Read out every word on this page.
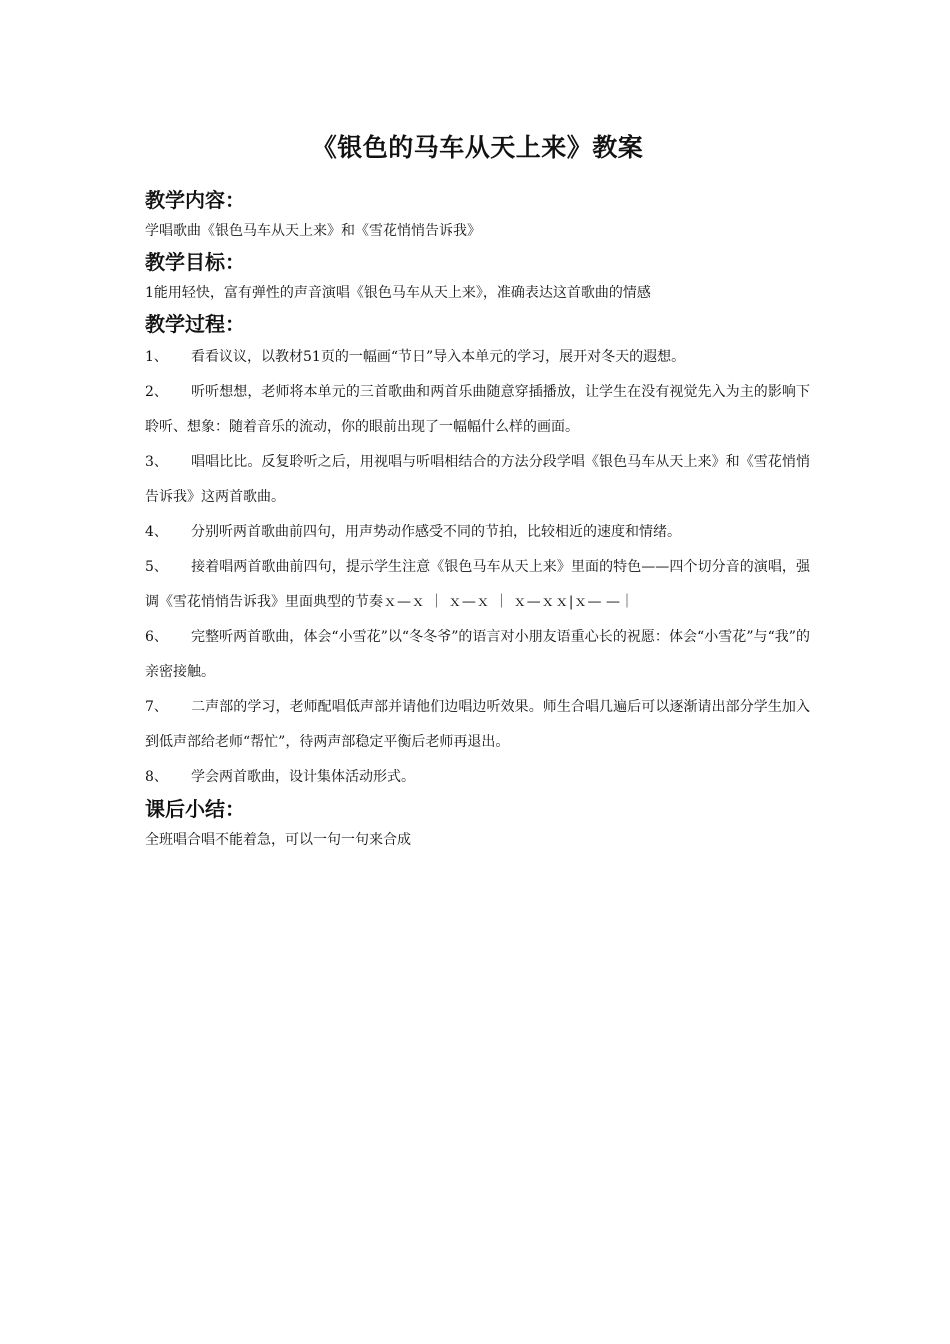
《银色的马车从天上来》教案
教学内容：

学唱歌曲《银色马车从天上来》和《雪花悄悄告诉我》

教学目标：

1能用轻快，富有弹性的声音演唱《银色马车从天上来》，准确表达这首歌曲的情感

教学过程：
1、 看看议议，以教材51页的一幅画“节日”导入本单元的学习，展开对冬天的遐想。
2、 听听想想，老师将本单元的三首歌曲和两首乐曲随意穿插播放，让学生在没有视觉先入为主的影响下聆听、想象：随着音乐的流动，你的眼前出现了一幅幅什么样的画面。
3、 唱唱比比。反复聆听之后，用视唱与听唱相结合的方法分段学唱《银色马车从天上来》和《雪花悄悄告诉我》这两首歌曲。
4、 分别听两首歌曲前四句，用声势动作感受不同的节拍，比较相近的速度和情绪。
5、 接着唱两首歌曲前四句，提示学生注意《银色马车从天上来》里面的特色——四个切分音的演唱，强调《雪花悄悄告诉我》里面典型的节奏ｘ—ｘ ｜ ｘ—ｘ ｜ ｘ—ｘｘ|ｘ— —｜
6、 完整听两首歌曲，体会“小雪花”以“冬冬爷”的语言对小朋友语重心长的祝愿：体会“小雪花”与“我”的亲密接触。
7、 二声部的学习，老师配唱低声部并请他们边唱边听效果。师生合唱几遍后可以逐渐请出部分学生加入到低声部给老师“帮忙”，待两声部稳定平衡后老师再退出。
8、 学会两首歌曲，设计集体活动形式。
课后小结：

全班唱合唱不能着急，可以一句一句来合成
